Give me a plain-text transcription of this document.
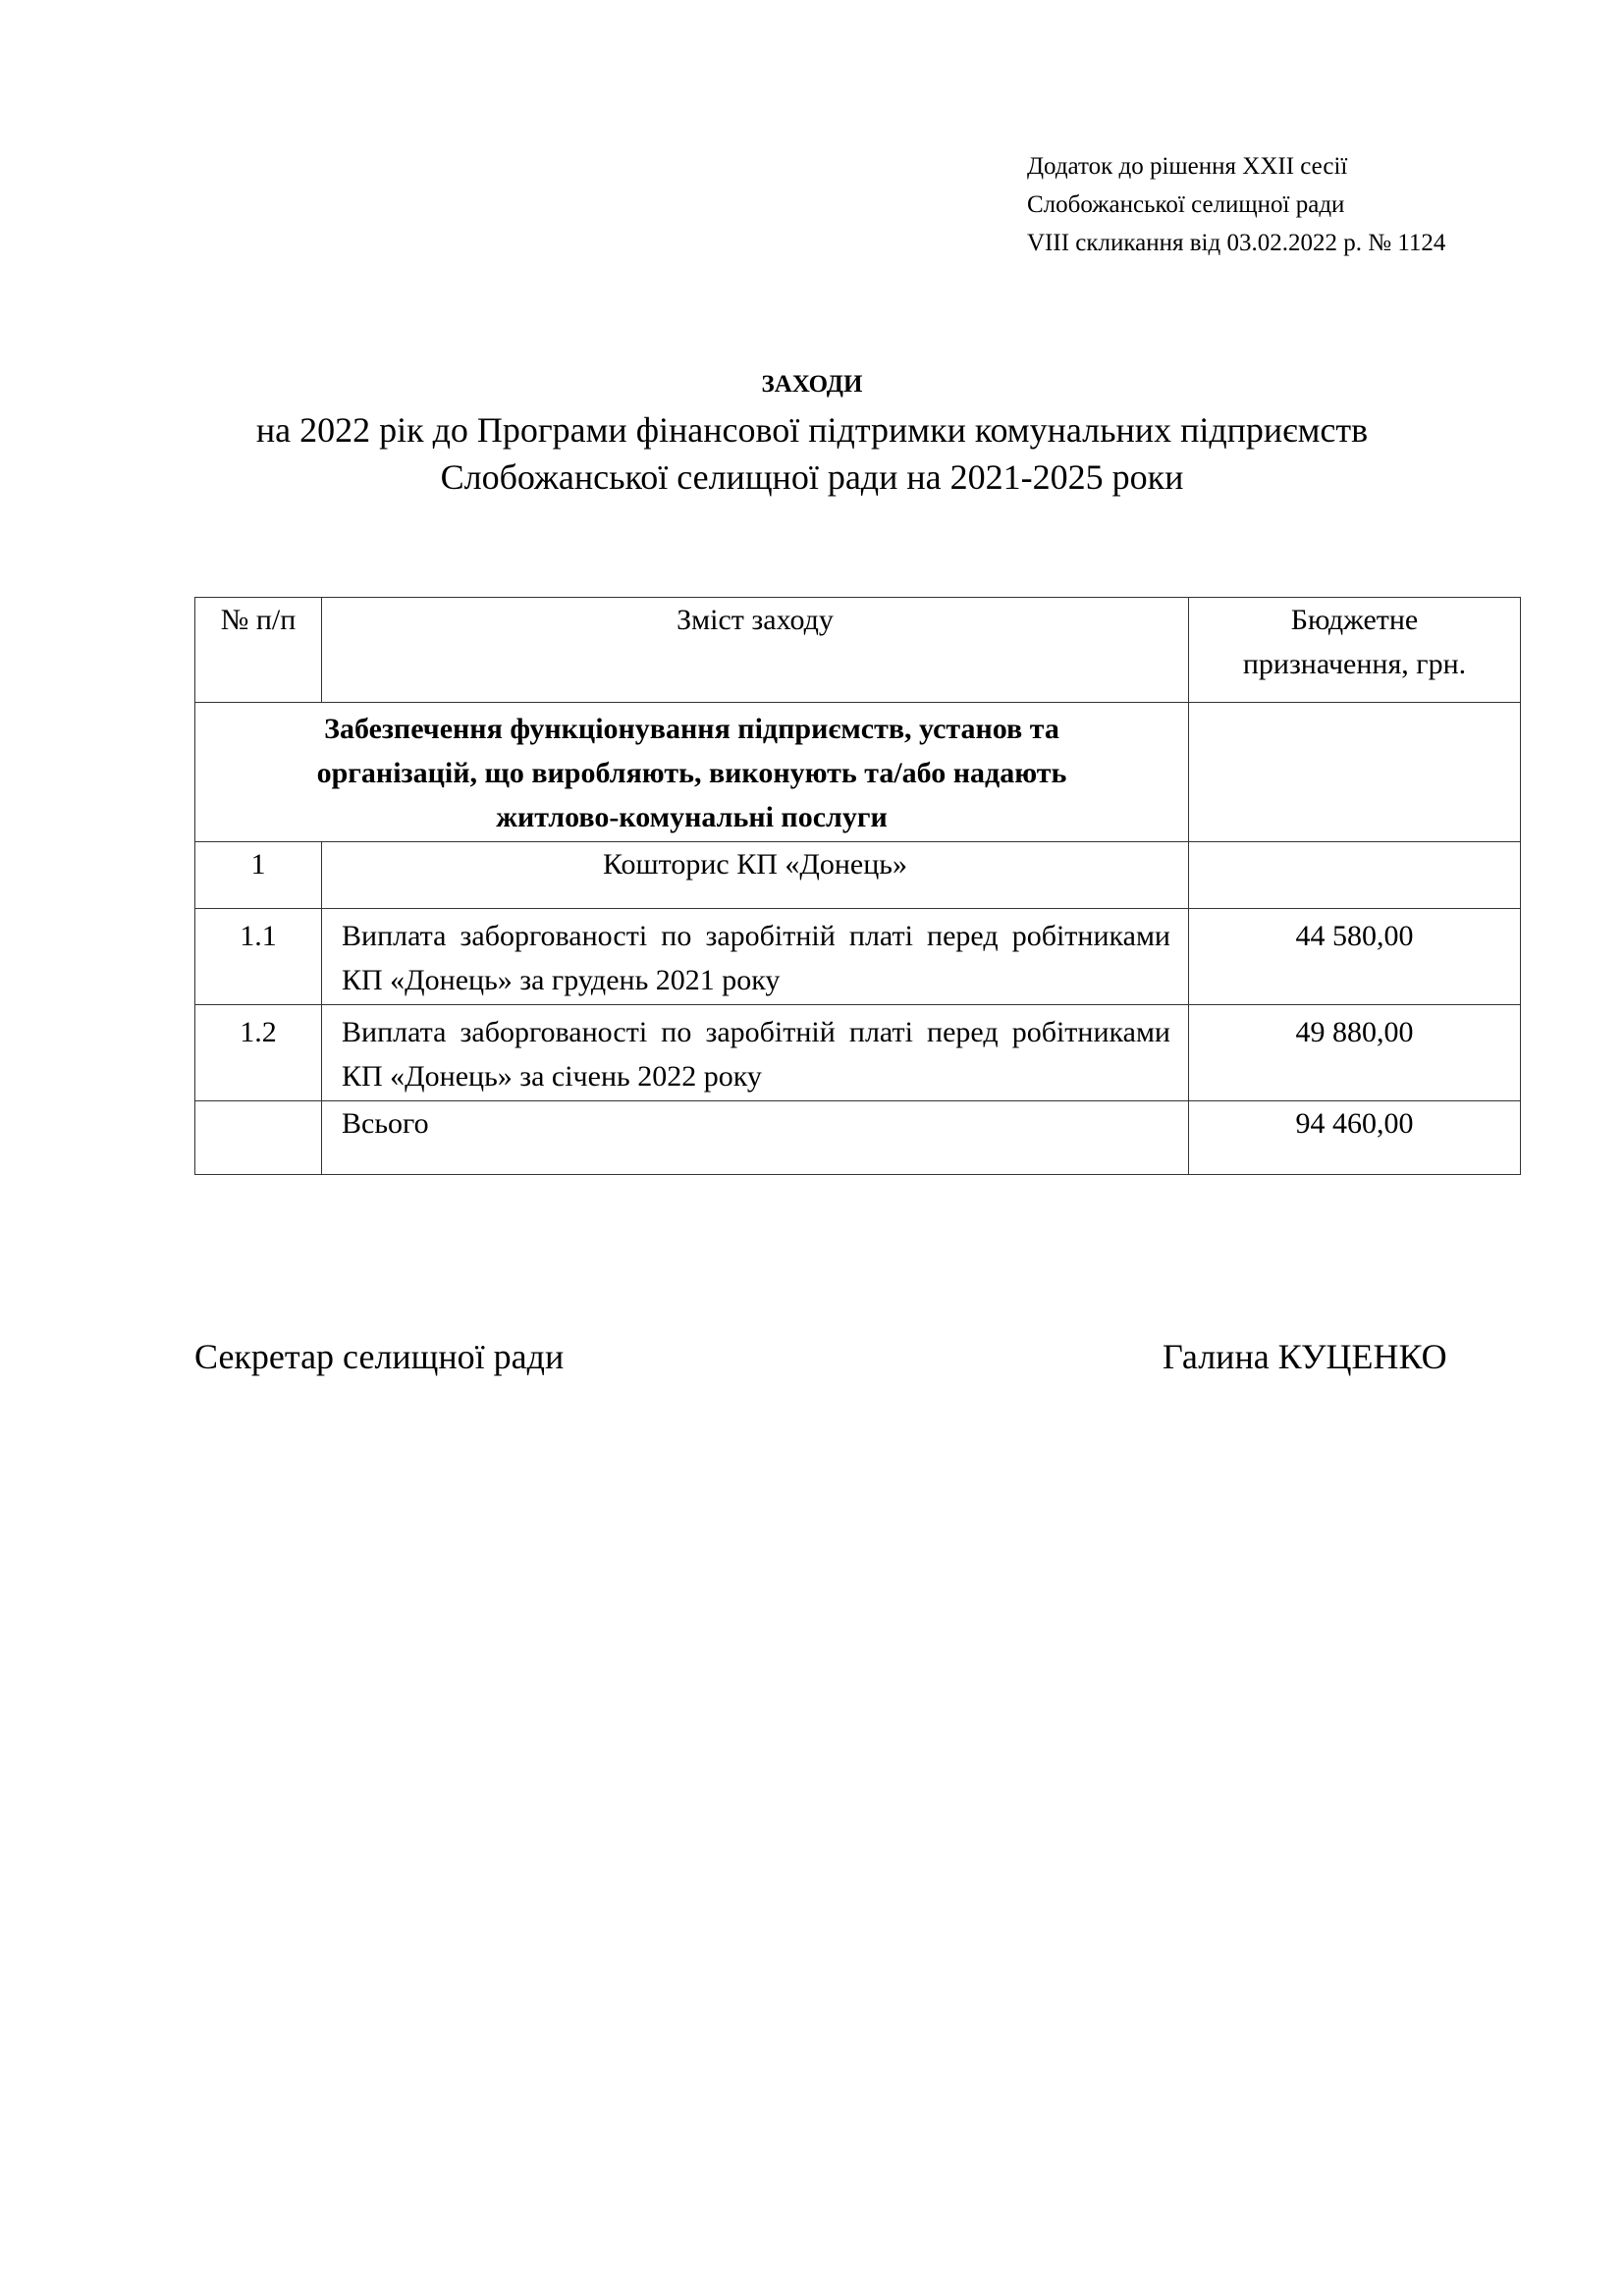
Додаток до рішення XXII сесії
Слобожанської селищної ради
VIII скликання від 03.02.2022 р. № 1124
ЗАХОДИ
на 2022 рік до Програми фінансової підтримки комунальних підприємств
Слобожанської селищної ради на 2021-2025 роки
№ п/п	Зміст заходу	Бюджетне
призначення, грн.

Забезпечення функціонування підприємств, установ та
організацій, що виробляють, виконують та/або надають
житлово-комунальні послуги		

1	Кошторис КП «Донець»	
1.1	Виплата заборгованості по заробітній платі перед робітниками КП «Донець» за грудень 2021 року	44 580,00
1.2	Виплата заборгованості по заробітній платі перед робітниками КП «Донець» за січень 2022 року	49 880,00
	Всього	94 460,00
Секретар селищної ради	Галина КУЦЕНКО
